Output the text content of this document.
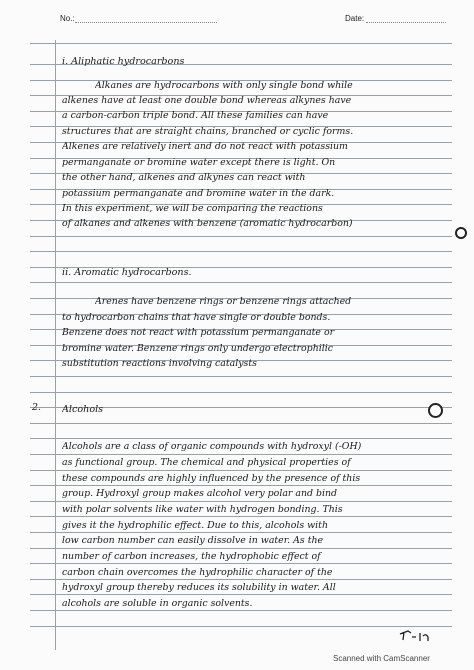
No.:	Date:
i. Aliphatic hydrocarbons
Alkanes are hydrocarbons with only single bond while
alkenes have at least one double bond whereas alkynes have
a carbon-carbon triple bond. All these families can have
structures that are straight chains, branched or cyclic forms.
Alkenes are relatively inert and do not react with potassium
permanganate or bromine water except there is light. On
the other hand, alkenes and alkynes can react with
potassium permanganate and bromine water in the dark.
In this experiment, we will be comparing the reactions
of alkanes and alkenes with benzene (aromatic hydrocarbon)
ii. Aromatic hydrocarbons.
Arenes have benzene rings or benzene rings attached
to hydrocarbon chains that have single or double bonds.
Benzene does not react with potassium permanganate or
bromine water. Benzene rings only undergo electrophilic
substitution reactions involving catalysts
2. Alcohols
Alcohols are a class of organic compounds with hydroxyl (-OH)
as functional group. The chemical and physical properties of
these compounds are highly influenced by the presence of this
group. Hydroxyl group makes alcohol very polar and bind
with polar solvents like water with hydrogen bonding. This
gives it the hydrophilic effect. Due to this, alcohols with
low carbon number can easily dissolve in water. As the
number of carbon increases, the hydrophobic effect of
carbon chain overcomes the hydrophilic character of the
hydroxyl group thereby reduces its solubility in water. All
alcohols are soluble in organic solvents.
Scanned with CamScanner
